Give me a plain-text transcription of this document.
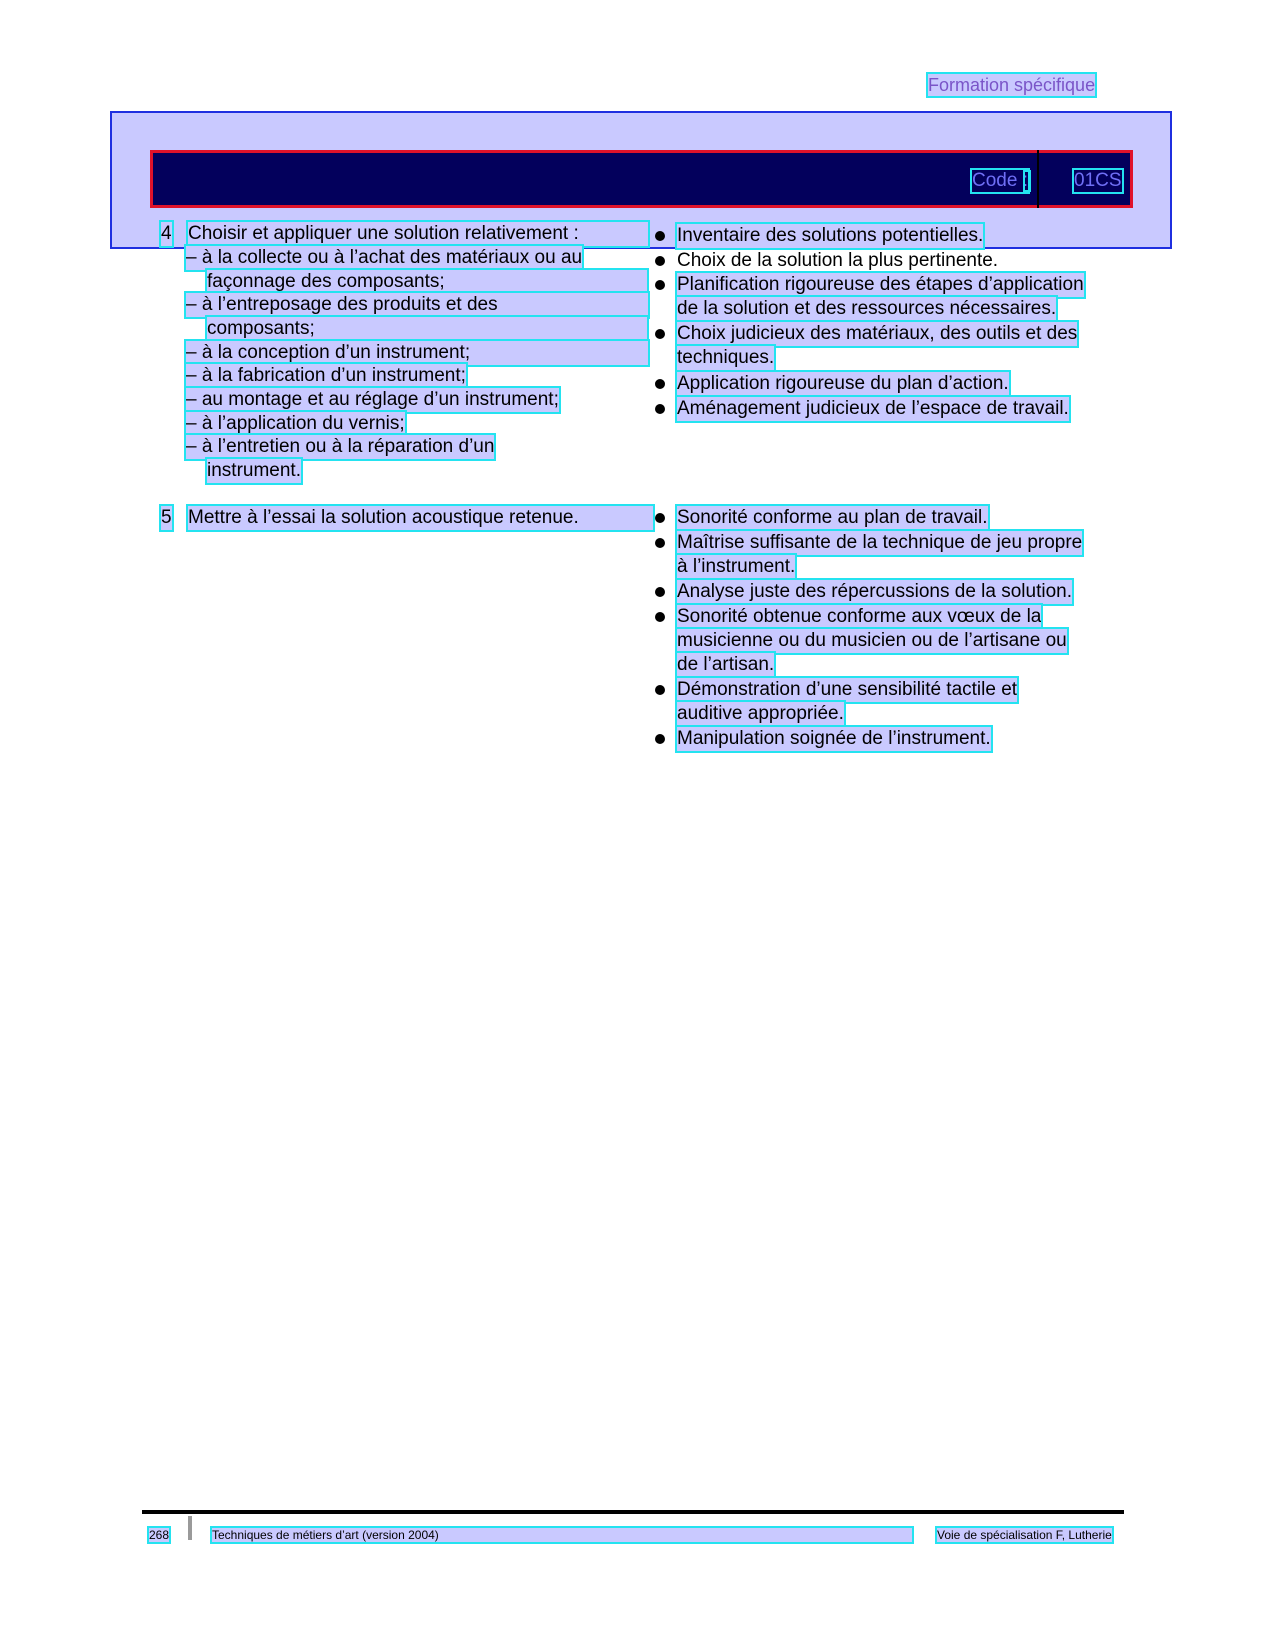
Formation spécifique
Code : 01CS
4 Choisir et appliquer une solution relativement :
– à la collecte ou à l’achat des matériaux ou au
façonnage des composants;
– à l’entreposage des produits et des
composants;
– à la conception d’un instrument;
– à la fabrication d’un instrument;
– au montage et au réglage d’un instrument;
– à l’application du vernis;
– à l’entretien ou à la réparation d’un
instrument.
5 Mettre à l’essai la solution acoustique retenue.
Inventaire des solutions potentielles.
Choix de la solution la plus pertinente.
Planification rigoureuse des étapes d’application
de la solution et des ressources nécessaires.
Choix judicieux des matériaux, des outils et des
techniques.
Application rigoureuse du plan d’action.
Aménagement judicieux de l’espace de travail.
Sonorité conforme au plan de travail.
Maîtrise suffisante de la technique de jeu propre
à l’instrument.
Analyse juste des répercussions de la solution.
Sonorité obtenue conforme aux vœux de la
musicienne ou du musicien ou de l’artisane ou
de l’artisan.
Démonstration d’une sensibilité tactile et
auditive appropriée.
Manipulation soignée de l’instrument.
268	Techniques de métiers d’art (version 2004)	Voie de spécialisation F, Lutherie
